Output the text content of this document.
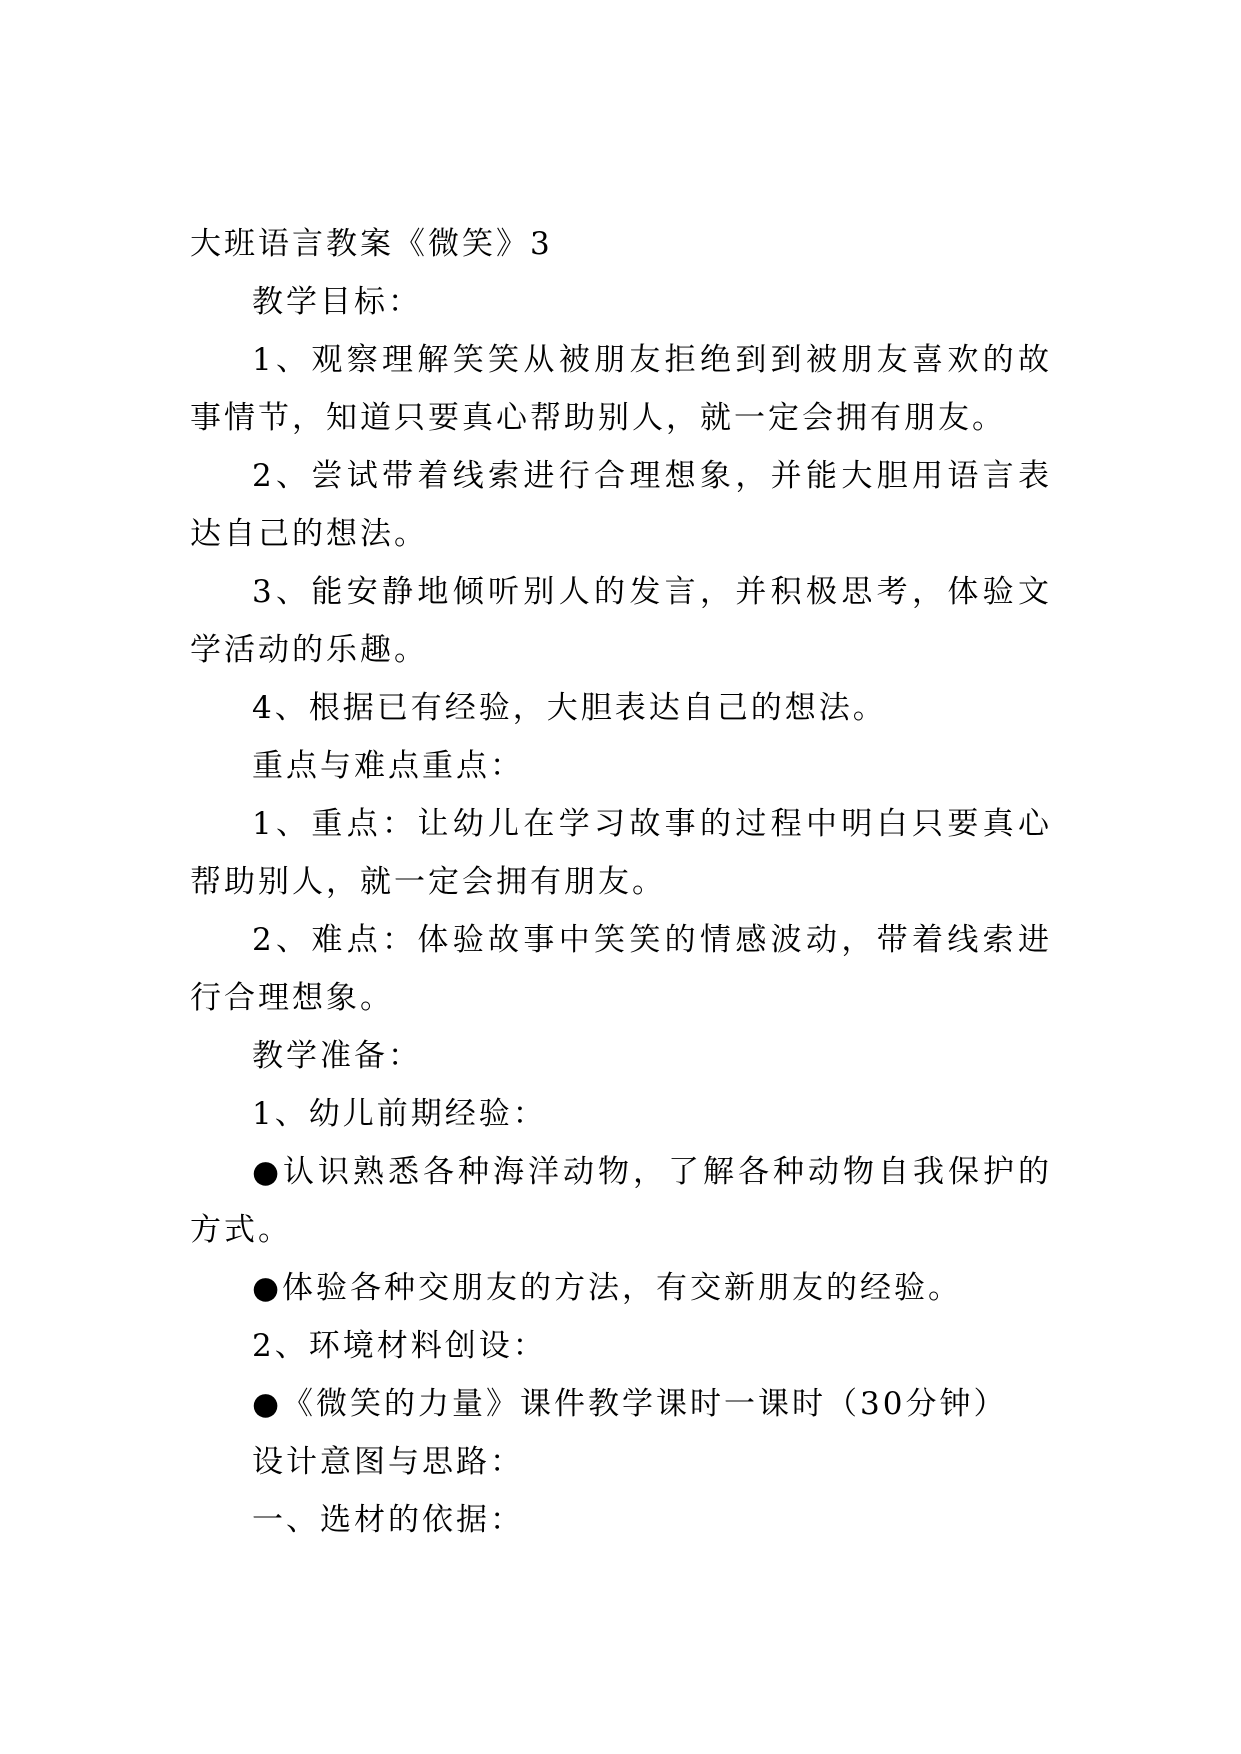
大班语言教案《微笑》3

教学目标：

1、观察理解笑笑从被朋友拒绝到到被朋友喜欢的故事情节，知道只要真心帮助别人，就一定会拥有朋友。

2、尝试带着线索进行合理想象，并能大胆用语言表达自己的想法。

3、能安静地倾听别人的发言，并积极思考，体验文学活动的乐趣。

4、根据已有经验，大胆表达自己的想法。

重点与难点重点：

1、重点：让幼儿在学习故事的过程中明白只要真心帮助别人，就一定会拥有朋友。

2、难点：体验故事中笑笑的情感波动，带着线索进行合理想象。

教学准备：

1、幼儿前期经验：

●认识熟悉各种海洋动物，了解各种动物自我保护的方式。

●体验各种交朋友的方法，有交新朋友的经验。

2、环境材料创设：

●《微笑的力量》课件教学课时一课时（30分钟）

设计意图与思路：

一、选材的依据：
